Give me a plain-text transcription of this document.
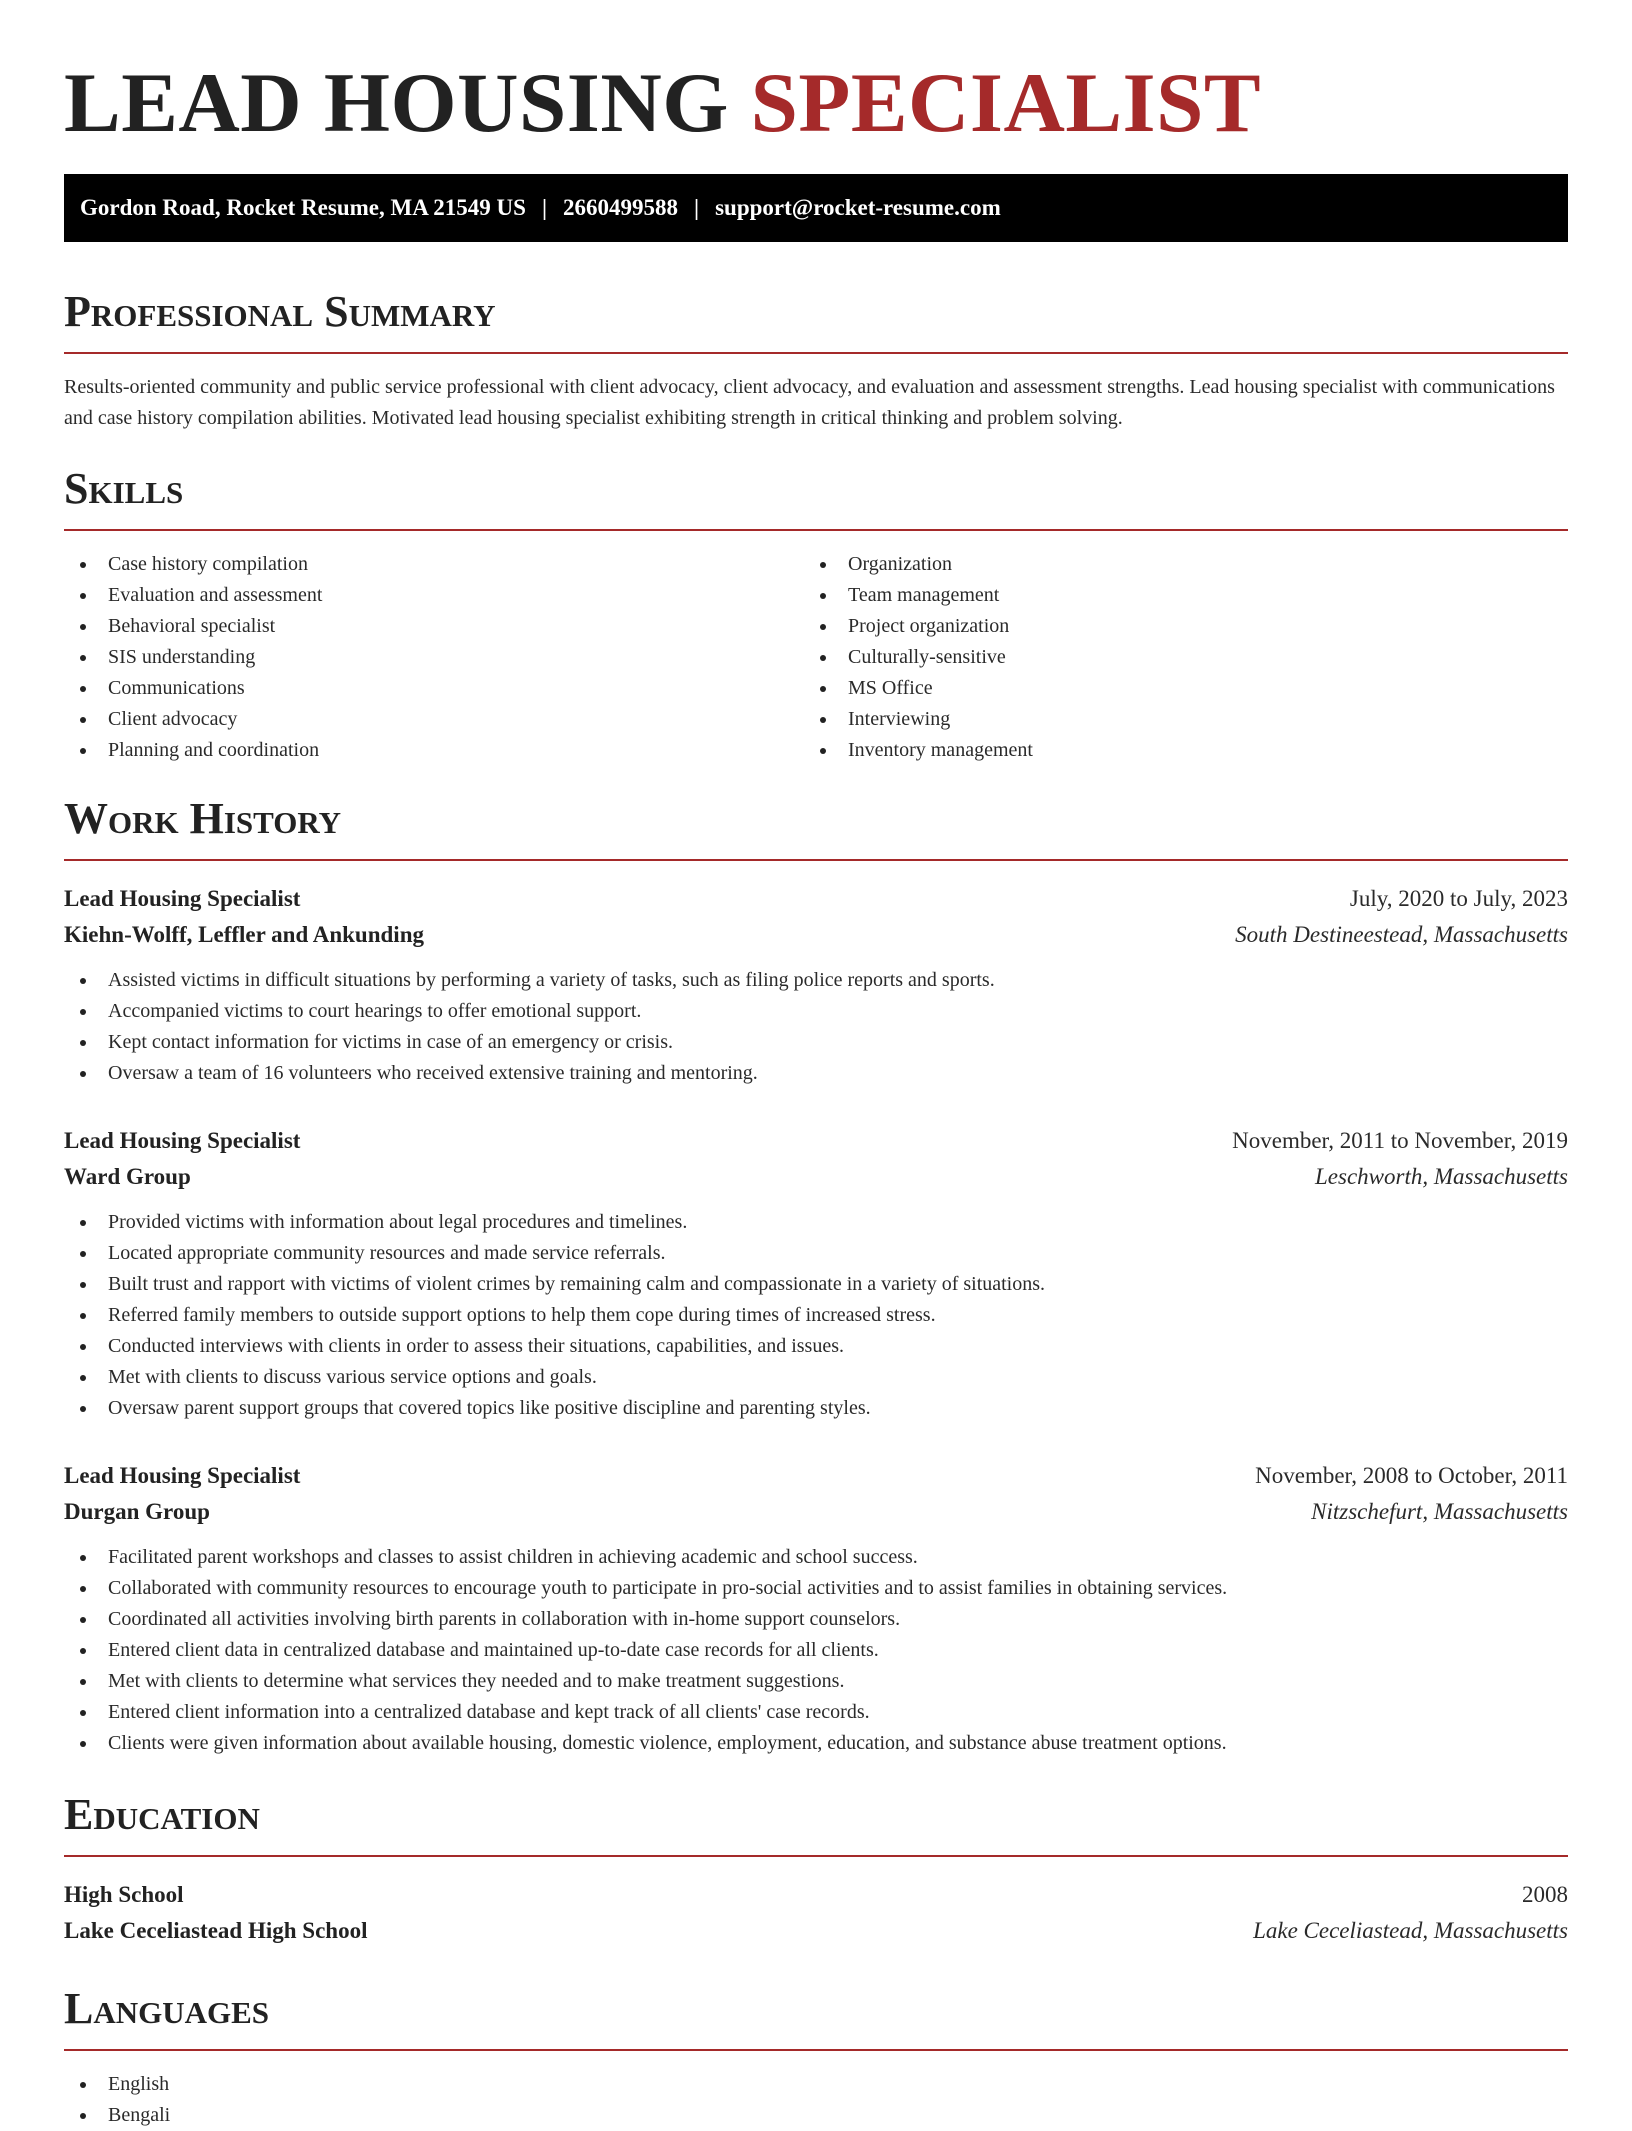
LEAD HOUSING SPECIALIST
Gordon Road, Rocket Resume, MA 21549 US | 2660499588 | support@rocket-resume.com
Professional Summary

Results-oriented community and public service professional with client advocacy, client advocacy, and evaluation and assessment strengths. Lead housing specialist with communications and case history compilation abilities. Motivated lead housing specialist exhibiting strength in critical thinking and problem solving.

Skills
Case history compilation
Evaluation and assessment
Behavioral specialist
SIS understanding
Communications
Client advocacy
Planning and coordination
Organization
Team management
Project organization
Culturally-sensitive
MS Office
Interviewing
Inventory management
Work History
Lead Housing Specialist	July, 2020 to July, 2023
Kiehn-Wolff, Leffler and Ankunding	South Destineestead, Massachusetts
Assisted victims in difficult situations by performing a variety of tasks, such as filing police reports and sports.
Accompanied victims to court hearings to offer emotional support.
Kept contact information for victims in case of an emergency or crisis.
Oversaw a team of 16 volunteers who received extensive training and mentoring.
Lead Housing Specialist	November, 2011 to November, 2019
Ward Group	Leschworth, Massachusetts
Provided victims with information about legal procedures and timelines.
Located appropriate community resources and made service referrals.
Built trust and rapport with victims of violent crimes by remaining calm and compassionate in a variety of situations.
Referred family members to outside support options to help them cope during times of increased stress.
Conducted interviews with clients in order to assess their situations, capabilities, and issues.
Met with clients to discuss various service options and goals.
Oversaw parent support groups that covered topics like positive discipline and parenting styles.
Lead Housing Specialist	November, 2008 to October, 2011
Durgan Group	Nitzschefurt, Massachusetts
Facilitated parent workshops and classes to assist children in achieving academic and school success.
Collaborated with community resources to encourage youth to participate in pro-social activities and to assist families in obtaining services.
Coordinated all activities involving birth parents in collaboration with in-home support counselors.
Entered client data in centralized database and maintained up-to-date case records for all clients.
Met with clients to determine what services they needed and to make treatment suggestions.
Entered client information into a centralized database and kept track of all clients' case records.
Clients were given information about available housing, domestic violence, employment, education, and substance abuse treatment options.
Education
High School	2008
Lake Ceceliastead High School	Lake Ceceliastead, Massachusetts
Languages
English
Bengali
